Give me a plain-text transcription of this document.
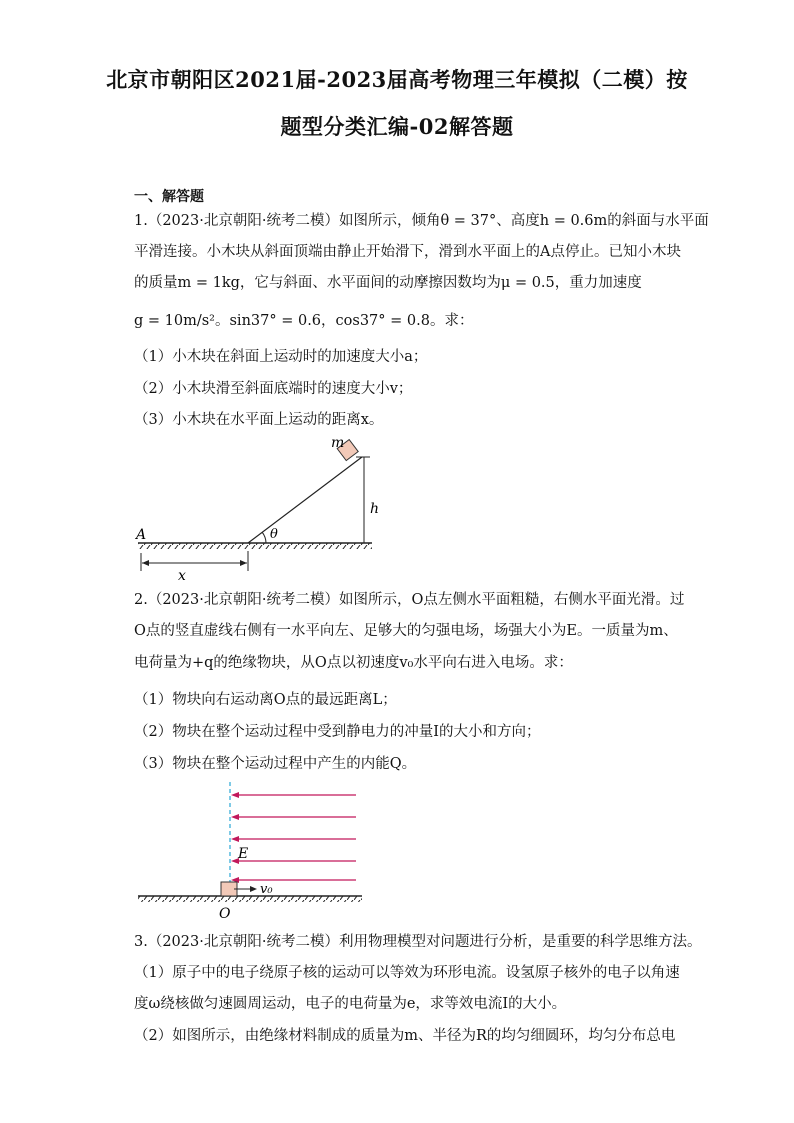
北京市朝阳区2021届-2023届高考物理三年模拟（二模）按
题型分类汇编-02解答题
一、解答题
1.（2023·北京朝阳·统考二模）如图所示，倾角θ = 37°、高度h = 0.6m的斜面与水平面
平滑连接。小木块从斜面顶端由静止开始滑下，滑到水平面上的A点停止。已知小木块
的质量m = 1kg，它与斜面、水平面间的动摩擦因数均为μ = 0.5，重力加速度
g = 10m/s²。sin37° = 0.6，cos37° = 0.8。求：
（1）小木块在斜面上运动时的加速度大小a；
（2）小木块滑至斜面底端时的速度大小v；
（3）小木块在水平面上运动的距离x。
θ
m
h
A
x
2.（2023·北京朝阳·统考二模）如图所示，O点左侧水平面粗糙，右侧水平面光滑。过
O点的竖直虚线右侧有一水平向左、足够大的匀强电场，场强大小为E。一质量为m、
电荷量为+q的绝缘物块，从O点以初速度v₀水平向右进入电场。求：
（1）物块向右运动离O点的最远距离L；
（2）物块在整个运动过程中受到静电力的冲量I的大小和方向；
（3）物块在整个运动过程中产生的内能Q。
E
v₀
O
3.（2023·北京朝阳·统考二模）利用物理模型对问题进行分析，是重要的科学思维方法。
（1）原子中的电子绕原子核的运动可以等效为环形电流。设氢原子核外的电子以角速
度ω绕核做匀速圆周运动，电子的电荷量为e，求等效电流I的大小。
（2）如图所示，由绝缘材料制成的质量为m、半径为R的均匀细圆环，均匀分布总电
